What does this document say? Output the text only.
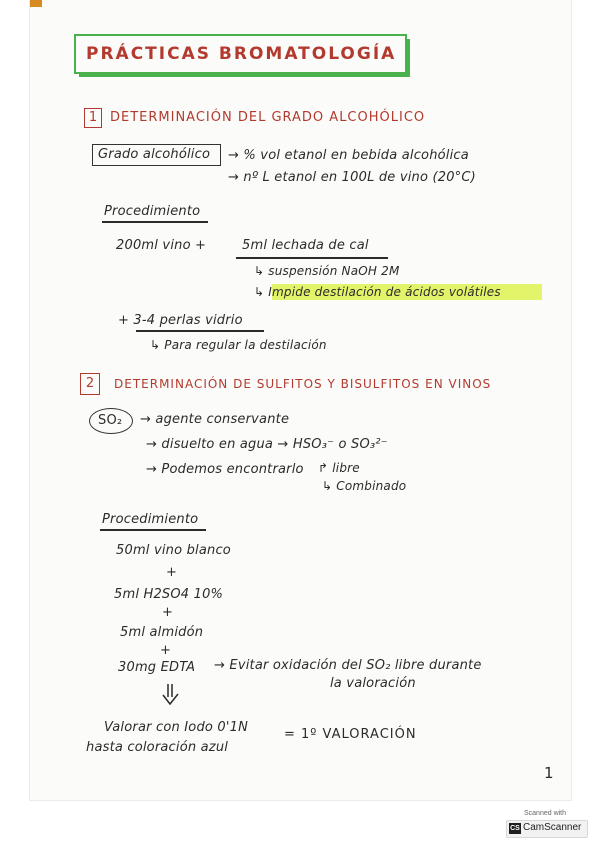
PRÁCTICAS BROMATOLOGÍA
1 DETERMINACIÓN DEL GRADO ALCOHÓLICO
Grado alcohólico → % vol etanol en bebida alcohólica
→ nº L etanol en 100L de vino (20°C)
Procedimiento
200ml vino +	5ml lechada de cal
↳ suspensión NaOH 2M
↳ Impide destilación de ácidos volátiles
+ 3-4 perlas vidrio
↳ Para regular la destilación
2	DETERMINACIÓN DE SULFITOS Y BISULFITOS EN VINOS
SO₂ → agente conservante
→ disuelto en agua → HSO₃⁻ o SO₃²⁻
→ Podemos encontrarlo ↱ libre
↳ Combinado
Procedimiento
50ml vino blanco
+
5ml H2SO4 10%
+
5ml almidón
+
30mg EDTA → Evitar oxidación del SO₂ libre durante
la valoración
Valorar con Iodo 0'1N
hasta coloración azul
= 1º VALORACIÓN
1
Scanned with
CS CamScanner
